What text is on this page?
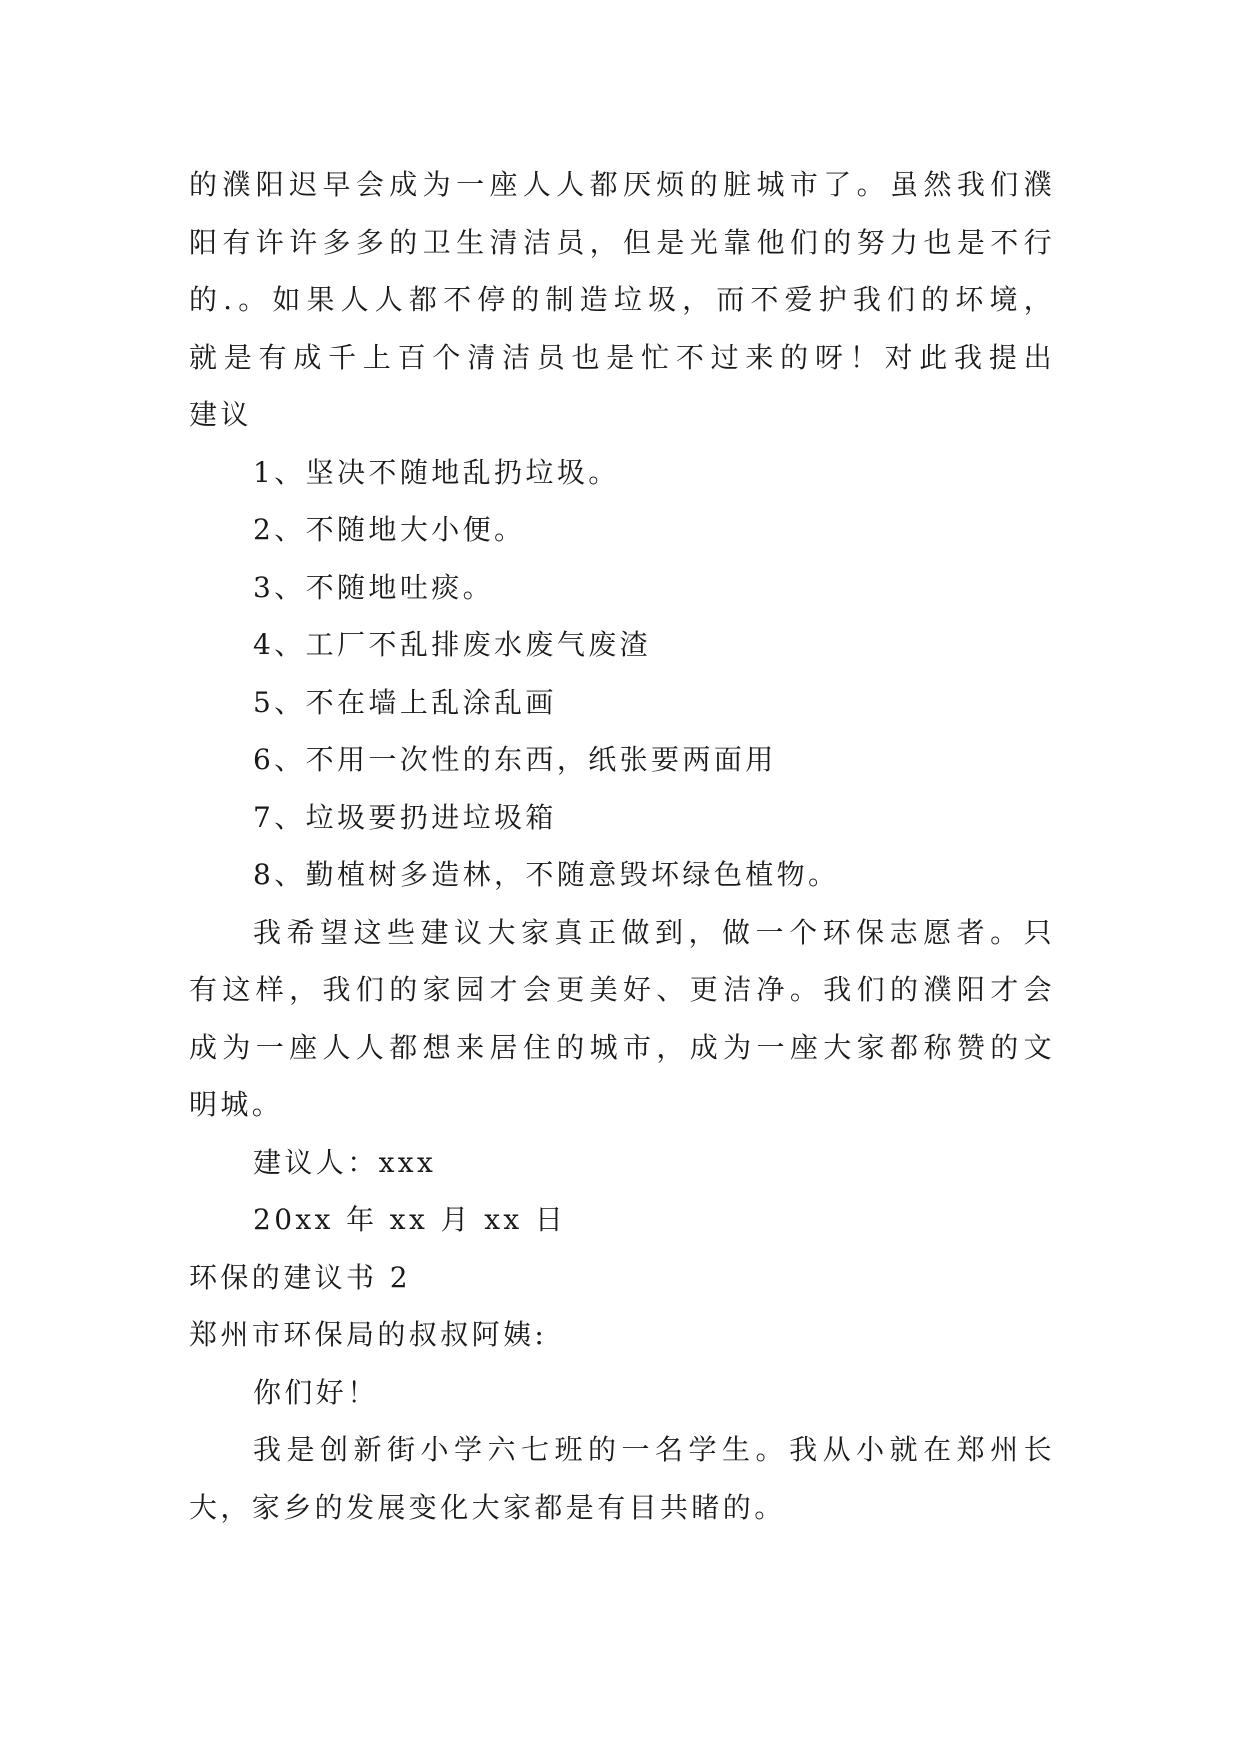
的濮阳迟早会成为一座人人都厌烦的脏城市了。虽然我们濮

阳有许许多多的卫生清洁员，但是光靠他们的努力也是不行

的.。如果人人都不停的制造垃圾，而不爱护我们的坏境，

就是有成千上百个清洁员也是忙不过来的呀！对此我提出

建议

1、坚决不随地乱扔垃圾。

2、不随地大小便。

3、不随地吐痰。

4、工厂不乱排废水废气废渣

5、不在墙上乱涂乱画

6、不用一次性的东西，纸张要两面用

7、垃圾要扔进垃圾箱

8、勤植树多造林，不随意毁坏绿色植物。

我希望这些建议大家真正做到，做一个环保志愿者。只

有这样，我们的家园才会更美好、更洁净。我们的濮阳才会

成为一座人人都想来居住的城市，成为一座大家都称赞的文

明城。

建议人：xxx

20xx 年 xx 月 xx 日

环保的建议书 2

郑州市环保局的叔叔阿姨:

你们好！

我是创新街小学六七班的一名学生。我从小就在郑州长

大，家乡的发展变化大家都是有目共睹的。
